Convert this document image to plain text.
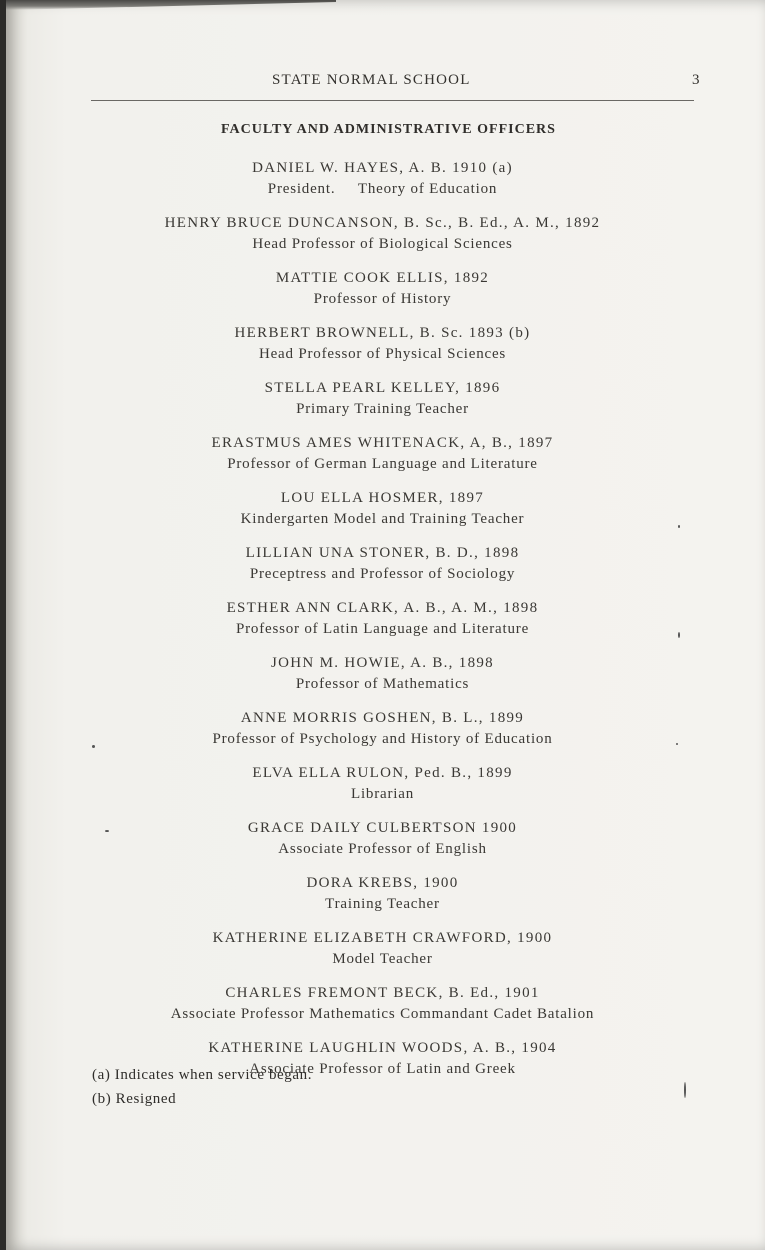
STATE NORMAL SCHOOL	3
FACULTY AND ADMINISTRATIVE OFFICERS
DANIEL W. HAYES, A. B. 1910 (a)
President.     Theory of Education
HENRY BRUCE DUNCANSON, B. Sc., B. Ed., A. M., 1892
Head Professor of Biological Sciences
MATTIE COOK ELLIS, 1892
Professor of History
HERBERT BROWNELL, B. Sc. 1893 (b)
Head Professor of Physical Sciences
STELLA PEARL KELLEY, 1896
Primary Training Teacher
ERASTMUS AMES WHITENACK, A, B., 1897
Professor of German Language and Literature
LOU ELLA HOSMER, 1897
Kindergarten Model and Training Teacher
LILLIAN UNA STONER, B. D., 1898
Preceptress and Professor of Sociology
ESTHER ANN CLARK, A. B., A. M., 1898
Professor of Latin Language and Literature
JOHN M. HOWIE, A. B., 1898
Professor of Mathematics
ANNE MORRIS GOSHEN, B. L., 1899
Professor of Psychology and History of Education
ELVA ELLA RULON, Ped. B., 1899
Librarian
GRACE DAILY CULBERTSON 1900
Associate Professor of English
DORA KREBS, 1900
Training Teacher
KATHERINE ELIZABETH CRAWFORD, 1900
Model Teacher
CHARLES FREMONT BECK, B. Ed., 1901
Associate Professor Mathematics Commandant Cadet Batalion
KATHERINE LAUGHLIN WOODS, A. B., 1904
Associate Professor of Latin and Greek
(a) Indicates when service began.
(b) Resigned
